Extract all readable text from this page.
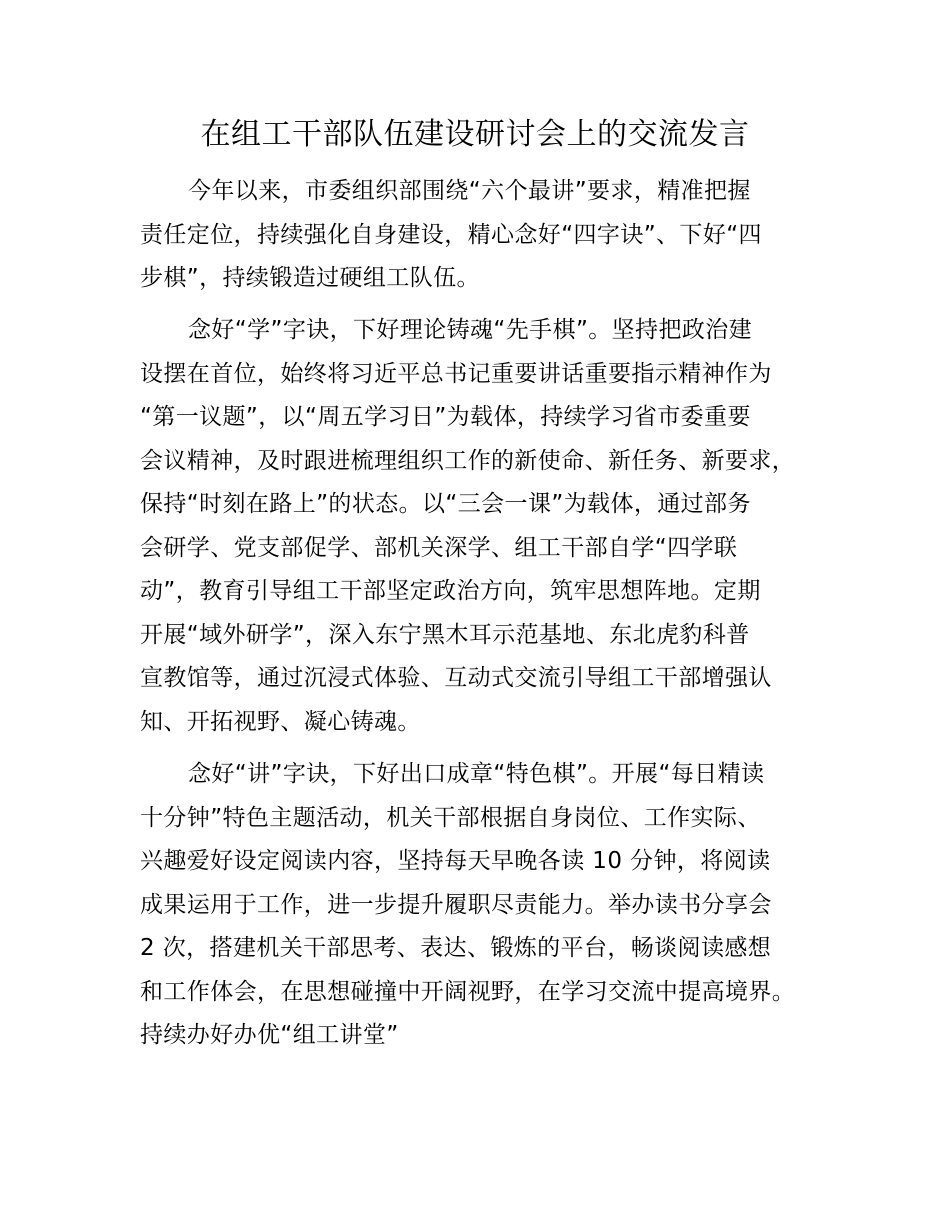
在组工干部队伍建设研讨会上的交流发言
今年以来，市委组织部围绕“六个最讲”要求，精准把握
责任定位，持续强化自身建设，精心念好“四字诀”、下好“四
步棋”，持续锻造过硬组工队伍。
念好“学”字诀，下好理论铸魂“先手棋”。坚持把政治建
设摆在首位，始终将习近平总书记重要讲话重要指示精神作为
“第一议题”，以“周五学习日”为载体，持续学习省市委重要
会议精神，及时跟进梳理组织工作的新使命、新任务、新要求，
保持“时刻在路上”的状态。以“三会一课”为载体，通过部务
会研学、党支部促学、部机关深学、组工干部自学“四学联
动”，教育引导组工干部坚定政治方向，筑牢思想阵地。定期
开展“域外研学”，深入东宁黑木耳示范基地、东北虎豹科普
宣教馆等，通过沉浸式体验、互动式交流引导组工干部增强认
知、开拓视野、凝心铸魂。
念好“讲”字诀，下好出口成章“特色棋”。开展“每日精读
十分钟”特色主题活动，机关干部根据自身岗位、工作实际、
兴趣爱好设定阅读内容，坚持每天早晚各读 10 分钟，将阅读
成果运用于工作，进一步提升履职尽责能力。举办读书分享会
2 次，搭建机关干部思考、表达、锻炼的平台，畅谈阅读感想
和工作体会，在思想碰撞中开阔视野，在学习交流中提高境界。
持续办好办优“组工讲堂”
